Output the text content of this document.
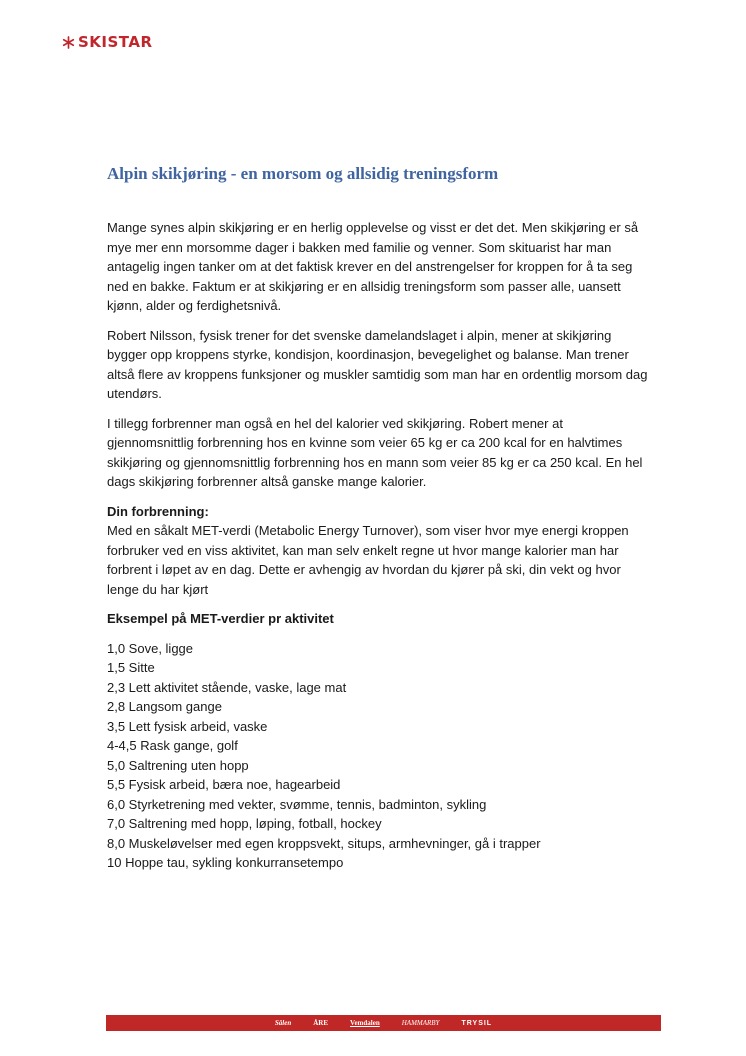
SKISTAR
Alpin skikjøring - en morsom og allsidig treningsform

Mange synes alpin skikjøring er en herlig opplevelse og visst er det det. Men skikjøring er så mye mer enn morsomme dager i bakken med familie og venner. Som skituarist har man antagelig ingen tanker om at det faktisk krever en del anstrengelser for kroppen for å ta seg ned en bakke. Faktum er at skikjøring er en allsidig treningsform som passer alle, uansett kjønn, alder og ferdighetsnivå.

Robert Nilsson, fysisk trener for det svenske damelandslaget i alpin, mener at skikjøring bygger opp kroppens styrke, kondisjon, koordinasjon, bevegelighet og balanse. Man trener altså flere av kroppens funksjoner og muskler samtidig som man har en ordentlig morsom dag utendørs.

I tillegg forbrenner man også en hel del kalorier ved skikjøring. Robert mener at gjennomsnittlig forbrenning hos en kvinne som veier 65 kg er ca 200 kcal for en halvtimes skikjøring og gjennomsnittlig forbrenning hos en mann som veier 85 kg er ca 250 kcal. En hel dags skikjøring forbrenner altså ganske mange kalorier.

Din forbrenning:

Med en såkalt MET-verdi (Metabolic Energy Turnover), som viser hvor mye energi kroppen forbruker ved en viss aktivitet, kan man selv enkelt regne ut hvor mange kalorier man har forbrent i løpet av en dag. Dette er avhengig av hvordan du kjører på ski, din vekt og hvor lenge du har kjørt

Eksempel på MET-verdier pr aktivitet
1,0 Sove, ligge
1,5 Sitte
2,3 Lett aktivitet stående, vaske, lage mat
2,8 Langsom gange
3,5 Lett fysisk arbeid, vaske
4-4,5 Rask gange, golf
5,0 Saltrening uten hopp
5,5 Fysisk arbeid, bæra noe, hagearbeid
6,0 Styrketrening med vekter, svømme, tennis, badminton, sykling
7,0 Saltrening med hopp, løping, fotball, hockey
8,0 Muskeløvelser med egen kroppsvekt, situps, armhevninger, gå i trapper
10 Hoppe tau, sykling konkurransetempo
Sälen	ÅRE	Vemdalen	HAMMARBY	TRYSIL
